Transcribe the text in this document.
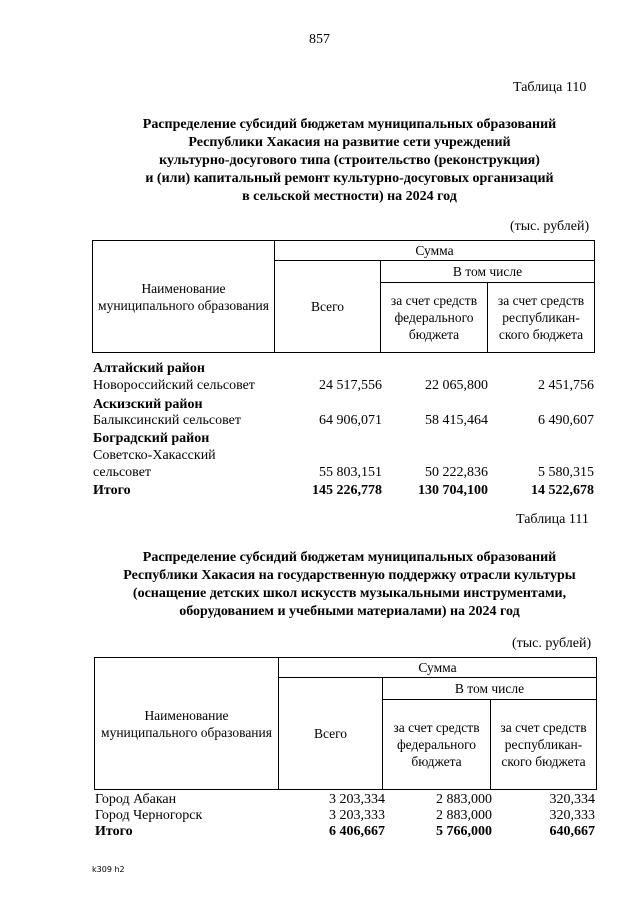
857
Таблица 110
Распределение субсидий бюджетам муниципальных образований
Республики Хакасия на развитие сети учреждений
культурно-досугового типа (строительство (реконструкция)
и (или) капитальный ремонт культурно-досуговых организаций
в сельской местности) на 2024 год
(тыс. рублей)
Наименование муниципального образования	Сумма		
	Всего	В том числе	
		за счет средств федерального бюджета	за счет средств республикан-ского бюджета
Алтайский район
Новороссийский сельсовет	24 517,556	22 065,800	2 451,756
Аскизский район
Балыксинский сельсовет	64 906,071	58 415,464	6 490,607
Боградский район
Советско-Хакасский
сельсовет	55 803,151	50 222,836	5 580,315
Итого	145 226,778	130 704,100	14 522,678
Таблица 111
Распределение субсидий бюджетам муниципальных образований
Республики Хакасия на государственную поддержку отрасли культуры
(оснащение детских школ искусств музыкальными инструментами,
оборудованием и учебными материалами) на 2024 год
(тыс. рублей)
Наименование муниципального образования	Сумма		
	Всего	В том числе	
		за счет средств федерального бюджета	за счет средств республикан-ского бюджета
Город Абакан	3 203,334	2 883,000	320,334
Город Черногорск	3 203,333	2 883,000	320,333
Итого	6 406,667	5 766,000	640,667
k309 h2
